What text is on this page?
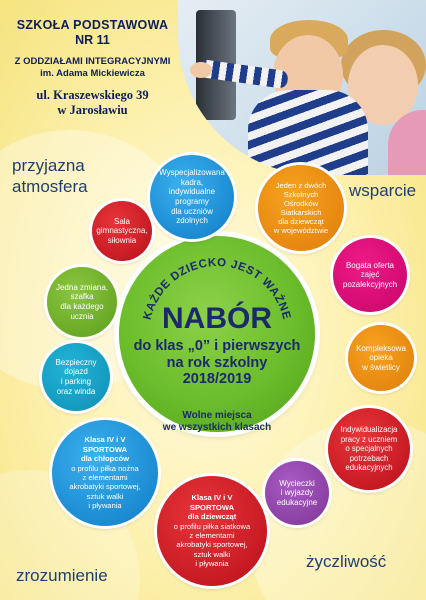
SZKOŁA PODSTAWOWA
NR 11
Z ODDZIAŁAMI INTEGRACYJNYMI
im. Adama Mickiewicza
ul. Kraszewskiego 39
w Jarosławiu
przyjazna
atmosfera	wsparcie
zrozumienie
życzliwość
KAŻDE DZIECKO JEST WAŻNE
NABÓR
do klas „0” i pierwszych
na rok szkolny
2018/2019
Wolne miejsca
we wszystkich klasach
Wyspecjalizowana
kadra,
indywidualne
programy
dla uczniów
zdolnych
Jeden z dwóch
Szkolnych
Ośrodków
Siatkarskich
dla dziewcząt
w województwie
Sala
gimnastyczna,
siłownia
Bogata oferta
zajęć
pozalekcyjnych
Jedna zmiana,
szafka
dla każdego
ucznia
Kompleksowa
opieka
w świetlicy
Bezpieczny
dojazd
i parking
oraz winda
Indywidualizacja
pracy z uczniem
o specjalnych
potrzebach
edukacyjnych
Klasa IV i V
SPORTOWA
dla chłopców
o profilu piłka nożna
z elementami
akrobatyki sportowej,
sztuk walki
i pływania
Wycieczki
i wyjazdy
edukacyjne
Klasa IV i V
SPORTOWA
dla dziewcząt
o profilu piłka siatkowa
z elementami
akrobatyki sportowej,
sztuk walki
i pływania
